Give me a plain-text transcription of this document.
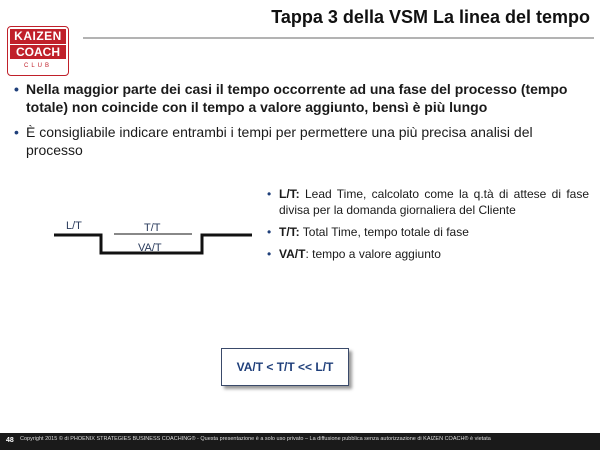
KAIZEN
COACH
CLUB
Tappa 3 della VSM La linea del tempo
• Nella maggior parte dei casi il tempo occorrente ad una fase del processo (tempo totale) non coincide con il tempo a valore aggiunto, bensì è più lungo
• È consigliabile indicare entrambi i tempi per permettere una più precisa analisi del processo
L/T	T/T
VA/T
• L/T: Lead Time, calcolato come la q.tà di attese di fase divisa per la domanda giornaliera del Cliente
• T/T: Total Time, tempo totale di fase
• VA/T: tempo a valore aggiunto
VA/T < T/T << L/T
48 Copyright 2015 © di PHOENIX STRATEGIES BUSINESS COACHING® - Questa presentazione è a solo uso privato – La diffusione pubblica senza autorizzazione di KAIZEN COACH® è vietata
